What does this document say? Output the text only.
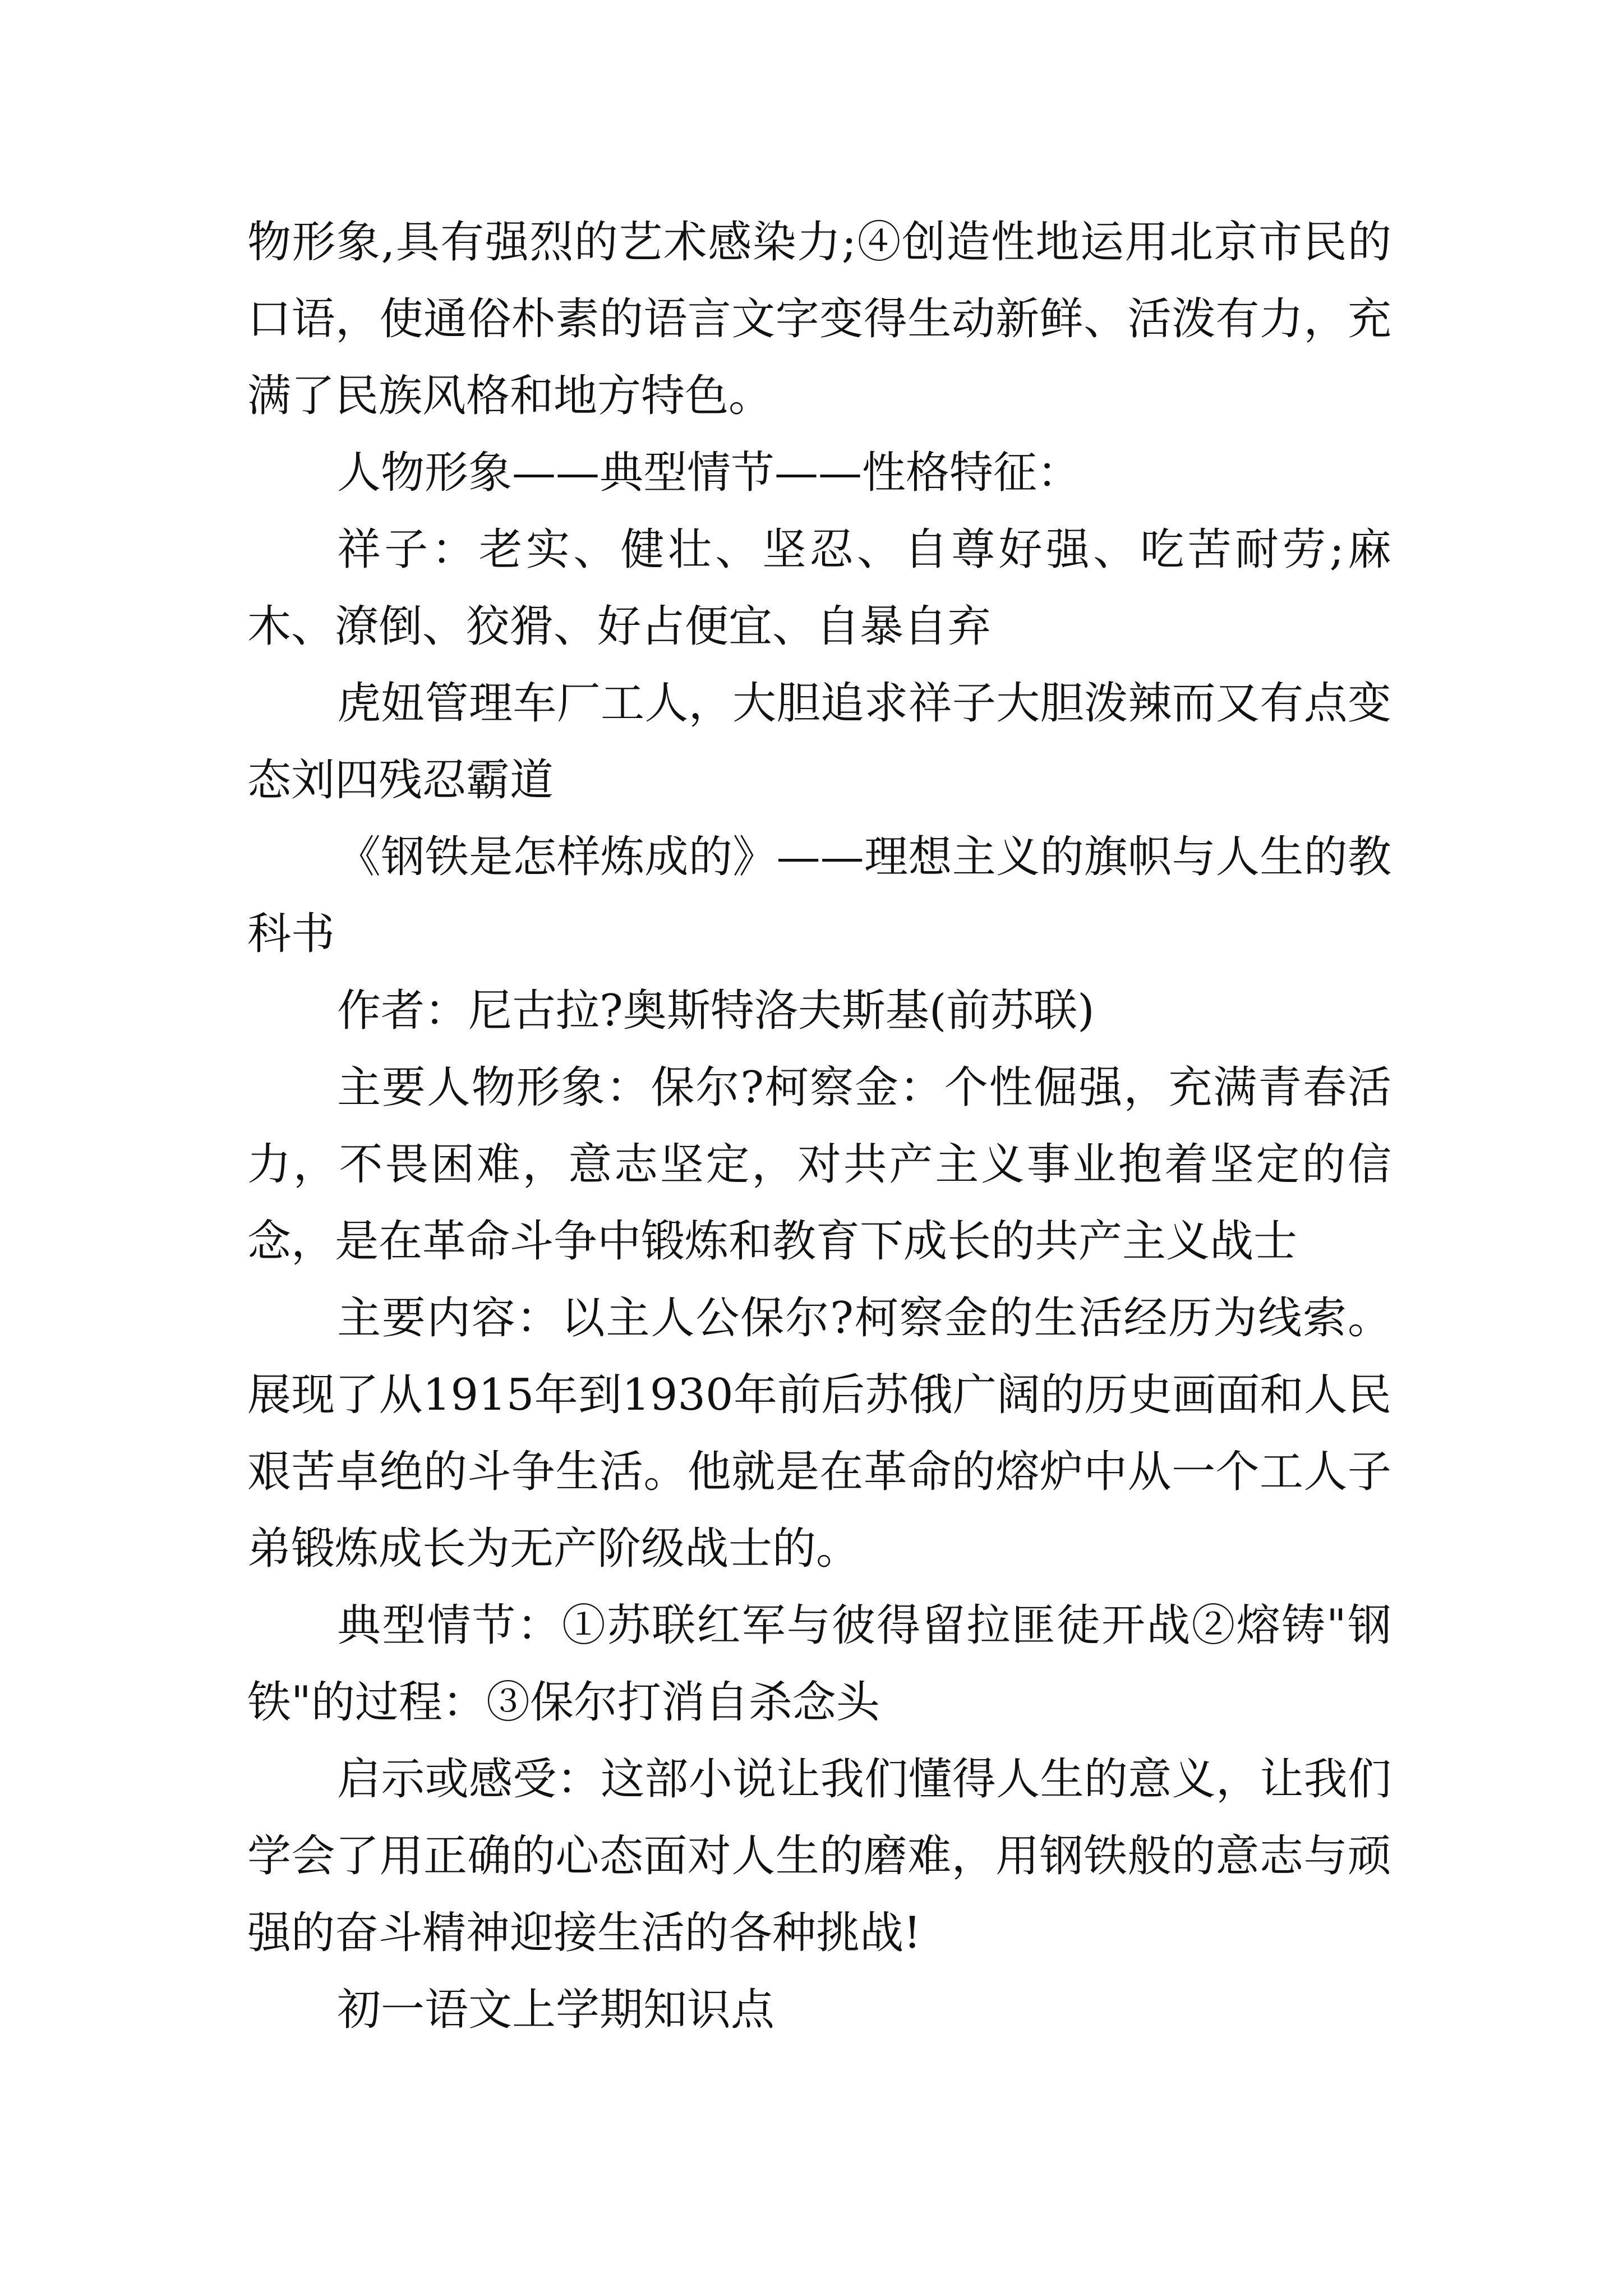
物形象,具有强烈的艺术感染力;④创造性地运用北京市民的口语，使通俗朴素的语言文字变得生动新鲜、活泼有力，充满了民族风格和地方特色。

人物形象——典型情节——性格特征：

祥子：老实、健壮、坚忍、自尊好强、吃苦耐劳;麻木、潦倒、狡猾、好占便宜、自暴自弃

虎妞管理车厂工人，大胆追求祥子大胆泼辣而又有点变态刘四残忍霸道

《钢铁是怎样炼成的》——理想主义的旗帜与人生的教科书

作者：尼古拉?奥斯特洛夫斯基(前苏联)

主要人物形象：保尔?柯察金：个性倔强，充满青春活力，不畏困难，意志坚定，对共产主义事业抱着坚定的信念，是在革命斗争中锻炼和教育下成长的共产主义战士

主要内容：以主人公保尔?柯察金的生活经历为线索。展现了从1915年到1930年前后苏俄广阔的历史画面和人民艰苦卓绝的斗争生活。他就是在革命的熔炉中从一个工人子弟锻炼成长为无产阶级战士的。

典型情节：①苏联红军与彼得留拉匪徒开战②熔铸"钢铁"的过程：③保尔打消自杀念头

启示或感受：这部小说让我们懂得人生的意义，让我们学会了用正确的心态面对人生的磨难，用钢铁般的意志与顽强的奋斗精神迎接生活的各种挑战!

初一语文上学期知识点
